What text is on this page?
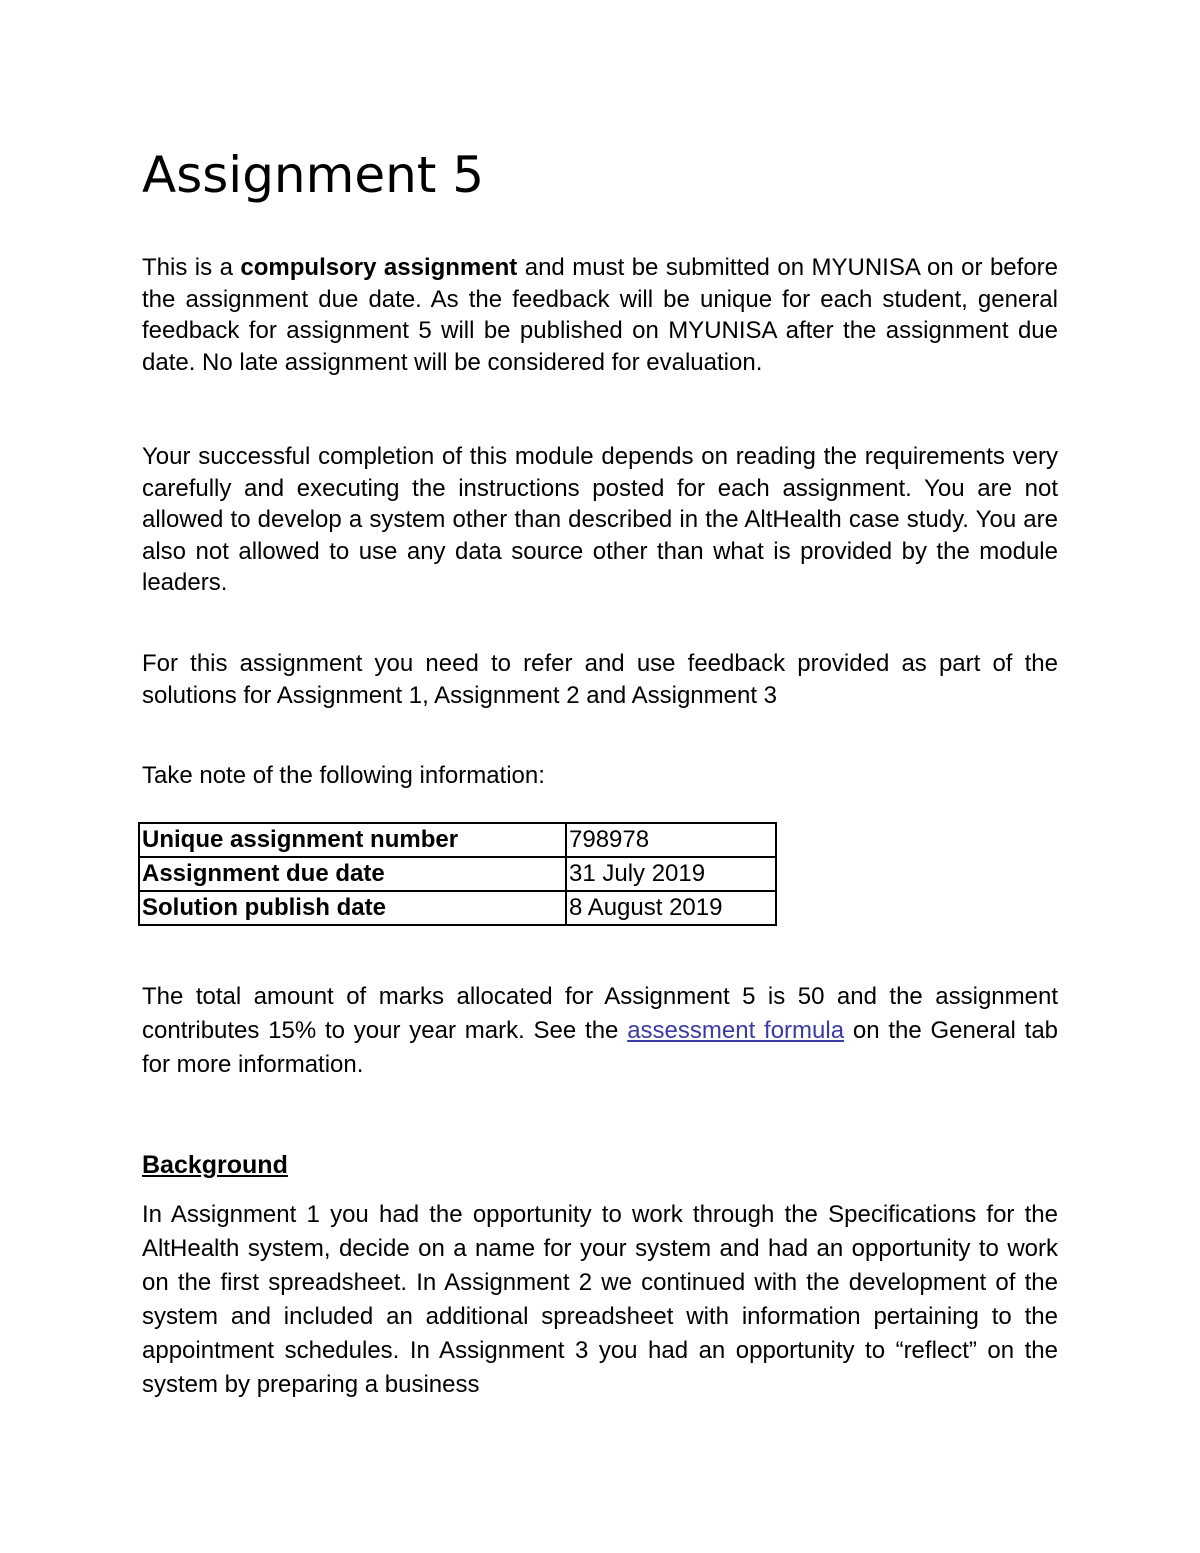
Assignment 5

This is a compulsory assignment and must be submitted on MYUNISA on or before the assignment due date. As the feedback will be unique for each student, general feedback for assignment 5 will be published on MYUNISA after the assignment due date. No late assignment will be considered for evaluation.

Your successful completion of this module depends on reading the requirements very carefully and executing the instructions posted for each assignment. You are not allowed to develop a system other than described in the AltHealth case study. You are also not allowed to use any data source other than what is provided by the module leaders.

For this assignment you need to refer and use feedback provided as part of the solutions for Assignment 1, Assignment 2 and Assignment 3

Take note of the following information:

Unique assignment number	798978
Assignment due date	31 July 2019
Solution publish date	8 August 2019

The total amount of marks allocated for Assignment 5 is 50 and the assignment contributes 15% to your year mark. See the assessment formula on the General tab for more information.

Background

In Assignment 1 you had the opportunity to work through the Specifications for the AltHealth system, decide on a name for your system and had an opportunity to work on the first spreadsheet. In Assignment 2 we continued with the development of the system and included an additional spreadsheet with information pertaining to the appointment schedules. In Assignment 3 you had an opportunity to “reflect” on the system by preparing a business
